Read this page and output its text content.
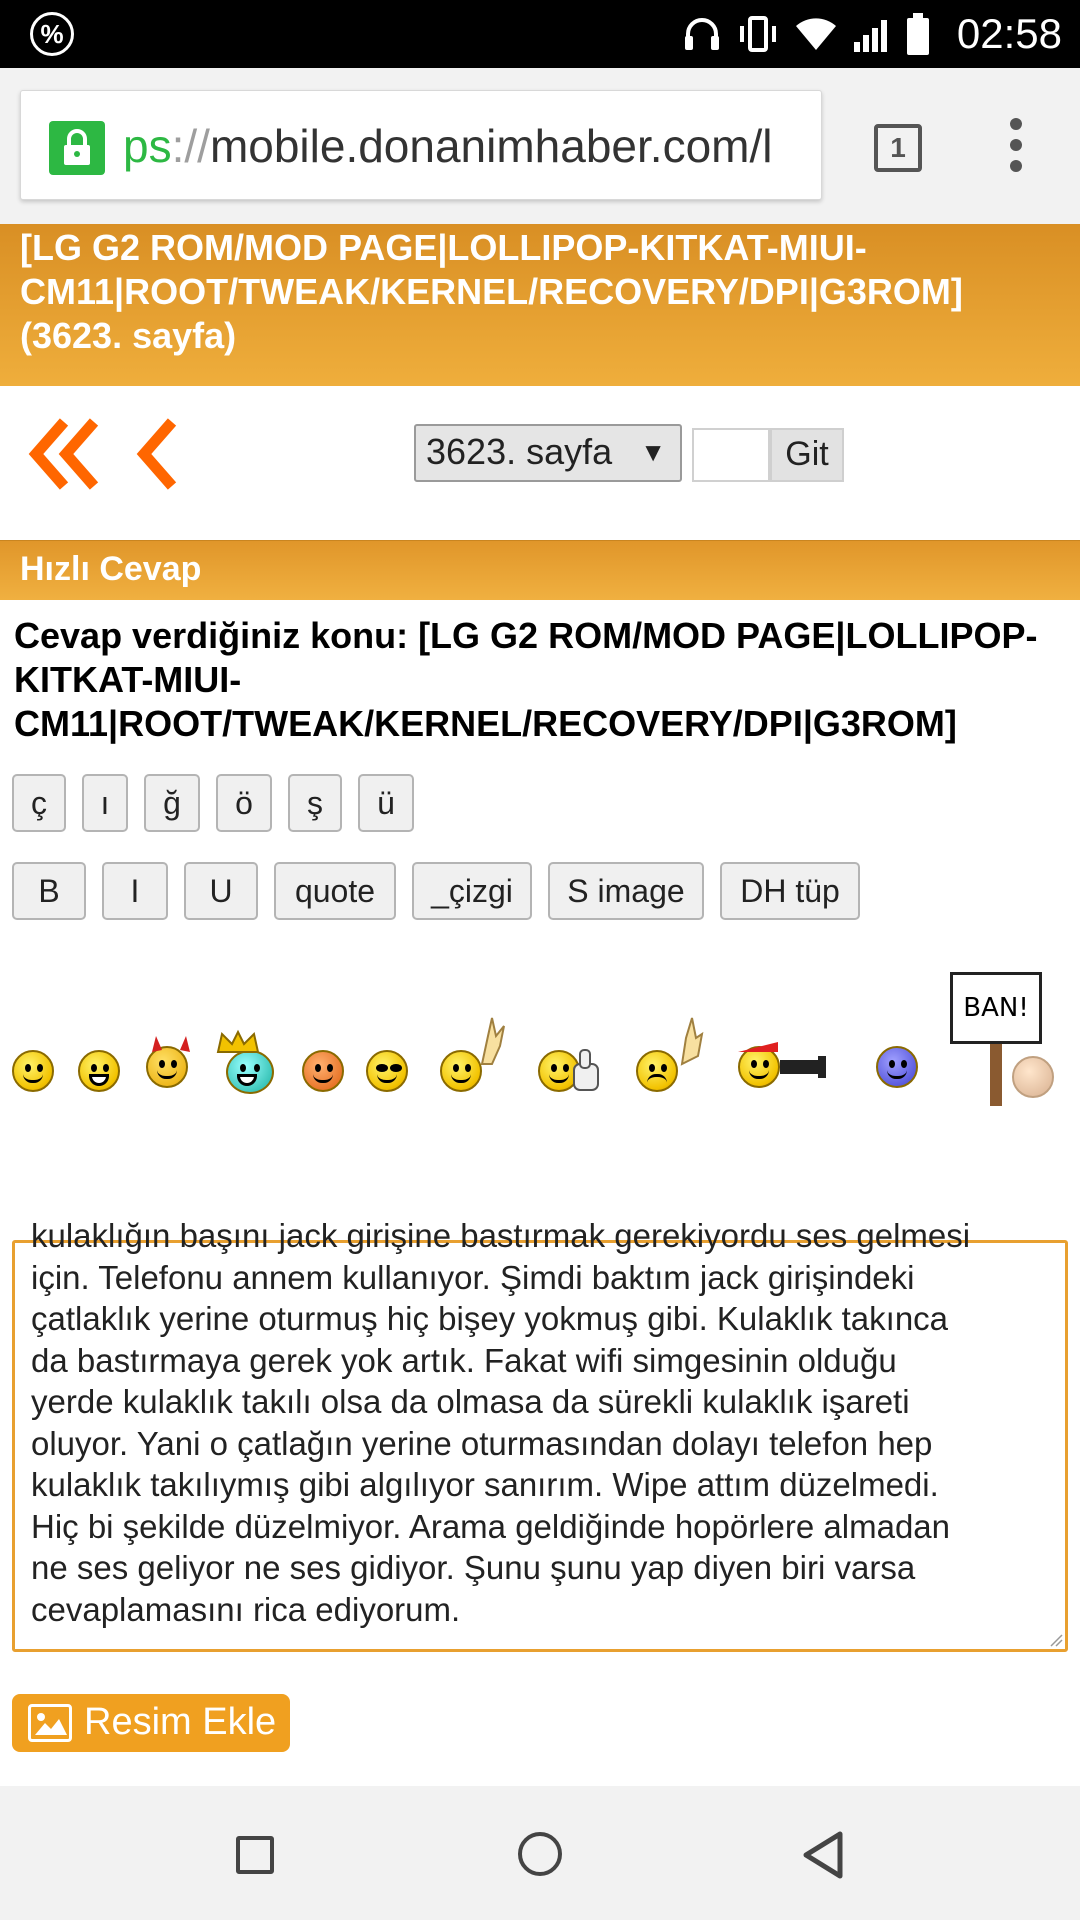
%	02:58
ps://mobile.donanimhaber.com/l	1
[LG G2 ROM/MOD PAGE|LOLLIPOP-KITKAT-MIUI-
CM11|ROOT/TWEAK/KERNEL/RECOVERY/DPI|G3ROM]
(3623. sayfa)
3623. sayfa ▼	Git
Hızlı Cevap
Cevap verdiğiniz konu: [LG G2 ROM/MOD PAGE|LOLLIPOP-
KITKAT-MIUI-
CM11|ROOT/TWEAK/KERNEL/RECOVERY/DPI|G3ROM]
ç	ı	ğ	ö	ş	ü
B	I	U	quote	_çizgi	S image	DH tüp
BAN!
kulaklığın başını jack girişine bastırmak gerekiyordu ses gelmesi
için. Telefonu annem kullanıyor. Şimdi baktım jack girişindeki
çatlaklık yerine oturmuş hiç bişey yokmuş gibi. Kulaklık takınca
da bastırmaya gerek yok artık. Fakat wifi simgesinin olduğu
yerde kulaklık takılı olsa da olmasa da sürekli kulaklık işareti
oluyor. Yani o çatlağın yerine oturmasından dolayı telefon hep
kulaklık takılıymış gibi algılıyor sanırım. Wipe attım düzelmedi.
Hiç bi şekilde düzelmiyor. Arama geldiğinde hopörlere almadan
ne ses geliyor ne ses gidiyor. Şunu şunu yap diyen biri varsa
cevaplamasını rica ediyorum.
Resim Ekle
